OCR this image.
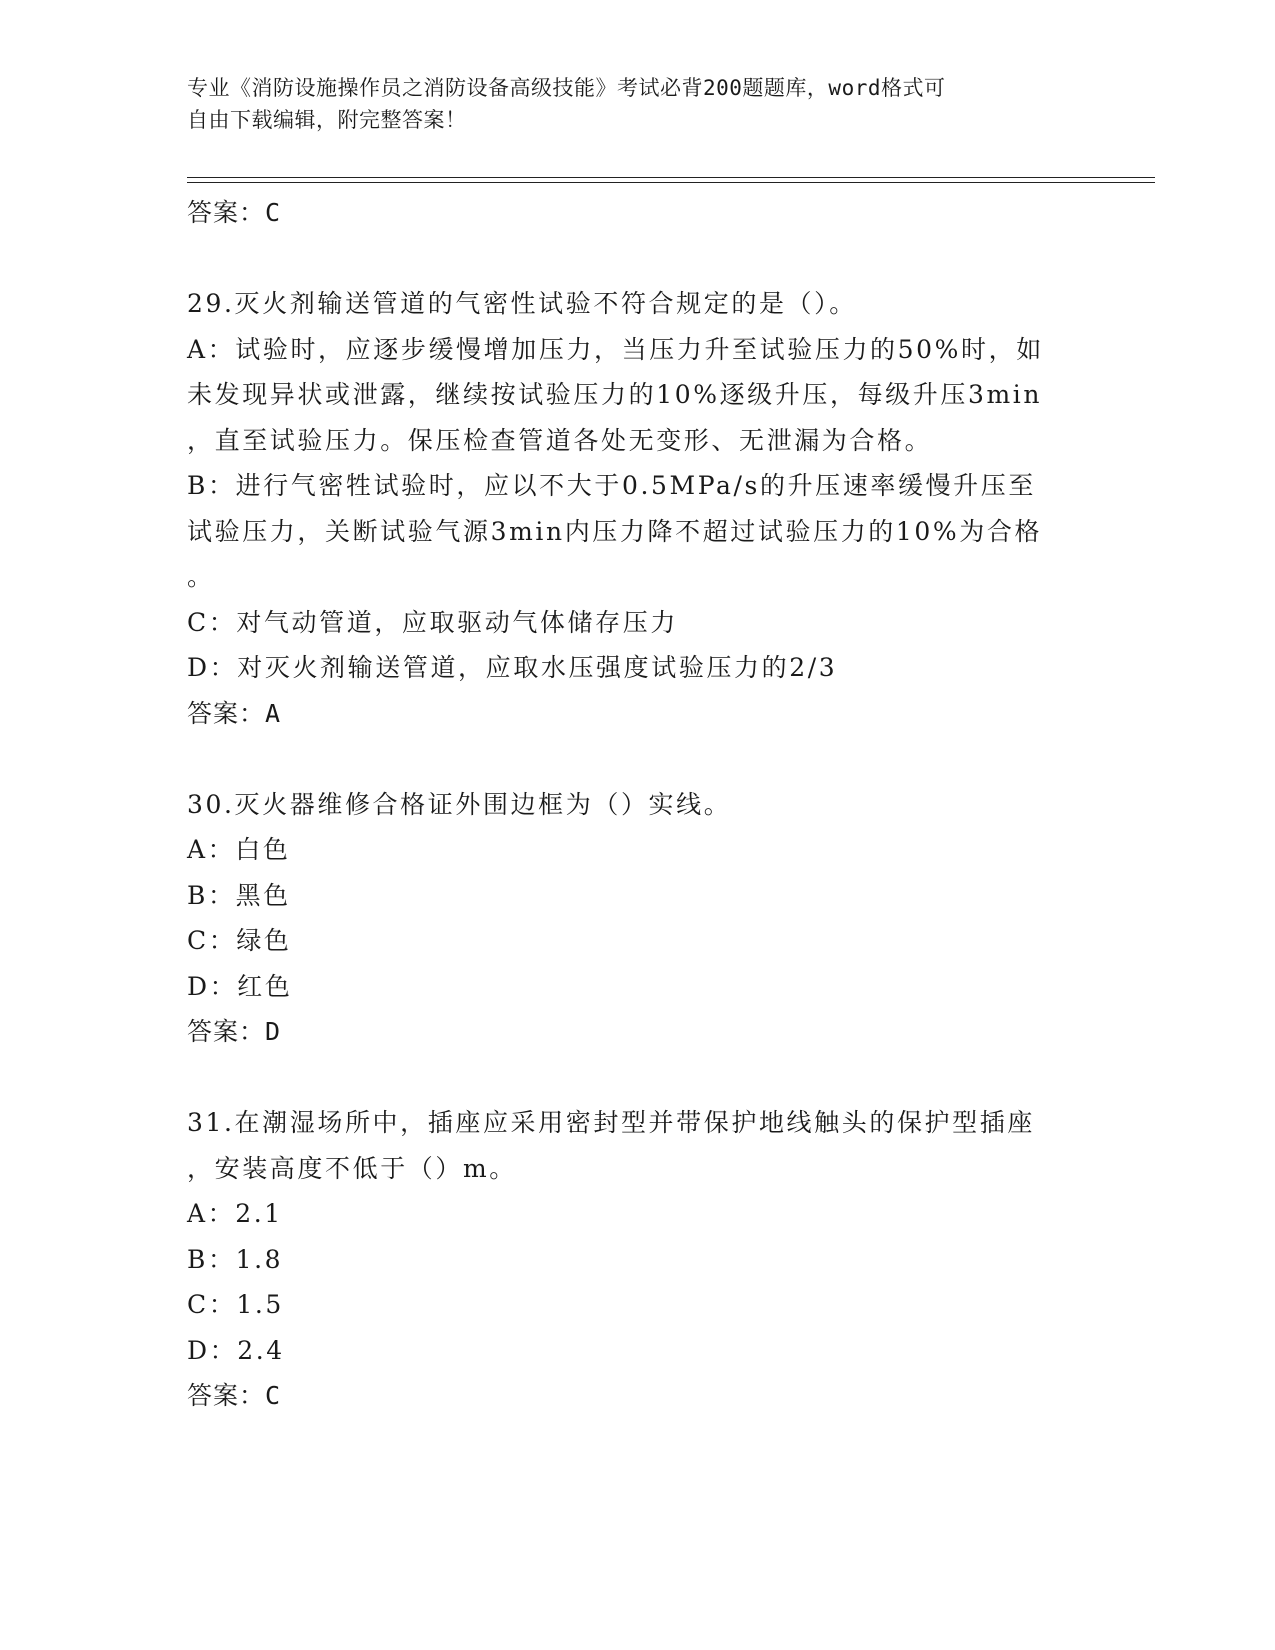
专业《消防设施操作员之消防设备高级技能》考试必背200题题库，word格式可
自由下载编辑，附完整答案！
答案：C
29.灭火剂输送管道的气密性试验不符合规定的是（）。
A：试验时，应逐步缓慢增加压力，当压力升至试验压力的50%时，如
未发现异状或泄露，继续按试验压力的10%逐级升压，每级升压3min
，直至试验压力。保压检查管道各处无变形、无泄漏为合格。
B：进行气密牲试验时，应以不大于0.5MPa/s的升压速率缓慢升压至
试验压力，关断试验气源3min内压力降不超过试验压力的10%为合格
。
C：对气动管道，应取驱动气体储存压力
D：对灭火剂输送管道，应取水压强度试验压力的2/3
答案：A
30.灭火器维修合格证外围边框为（）实线。
A：白色
B：黑色
C：绿色
D：红色
答案：D
31.在潮湿场所中，插座应采用密封型并带保护地线触头的保护型插座
，安装高度不低于（）m。
A：2.1
B：1.8
C：1.5
D：2.4
答案：C
